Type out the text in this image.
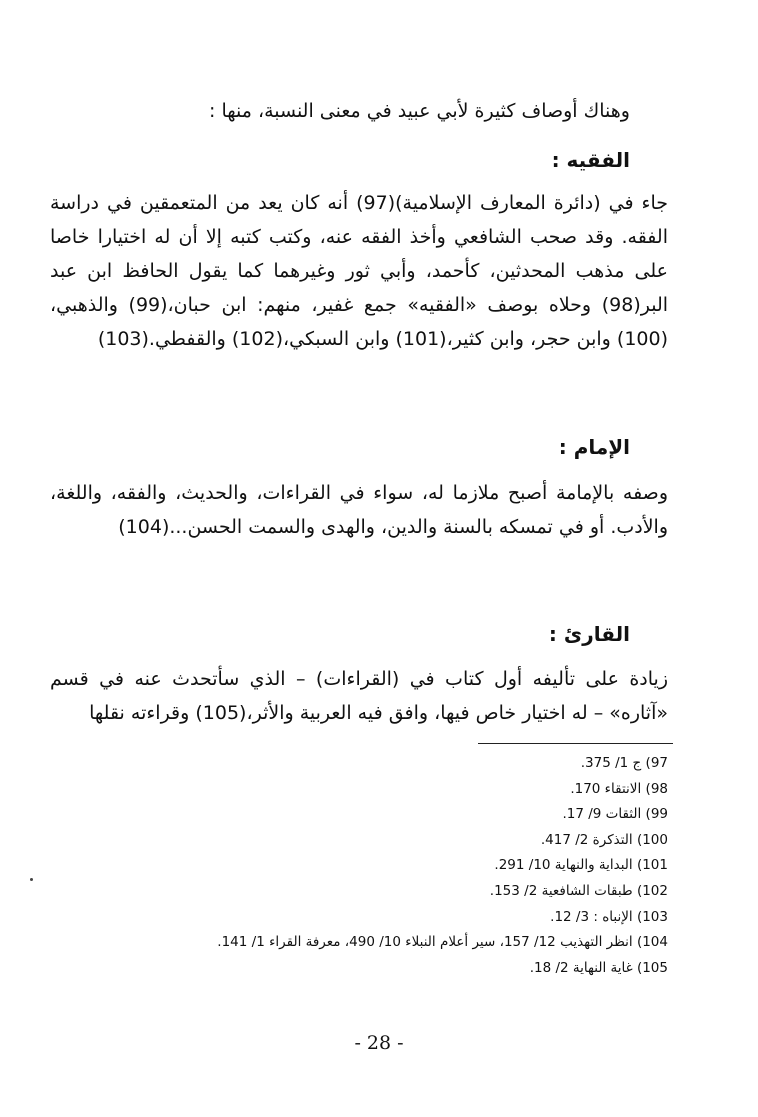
وهناك أوصاف كثيرة لأبي عبيد في معنى النسبة، منها :
الفقيه :
جاء في (دائرة المعارف الإسلامية)(97) أنه كان يعد من المتعمقين في دراسة الفقه. وقد صحب الشافعي وأخذ الفقه عنه، وكتب كتبه إلا أن له اختيارا خاصا على مذهب المحدثين، كأحمد، وأبي ثور وغيرهما كما يقول الحافظ ابن عبد البر(98) وحلاه بوصف «الفقيه» جمع غفير، منهم: ابن حبان،(99) والذهبي،(100) وابن حجر، وابن كثير،(101) وابن السبكي،(102) والقفطي.(103)
الإمام :
وصفه بالإمامة أصبح ملازما له، سواء في القراءات، والحديث، والفقه، واللغة، والأدب. أو في تمسكه بالسنة والدين، والهدى والسمت الحسن...(104)
القارئ :
زيادة على تأليفه أول كتاب في (القراءات) – الذي سأتحدث عنه في قسم «آثاره» – له اختيار خاص فيها، وافق فيه العربية والأثر،(105) وقراءته نقلها
97) ج 1/ 375.
98) الانتقاء 170.
99) الثقات 9/ 17.
100) التذكرة 2/ 417.
101) البداية والنهاية 10/ 291.
102) طبقات الشافعية 2/ 153.
103) الإنباه : 3/ 12.
104) انظر التهذيب 12/ 157، سير أعلام النبلاء 10/ 490، معرفة القراء 1/ 141.
105) غاية النهاية 2/ 18.
- 28 -
